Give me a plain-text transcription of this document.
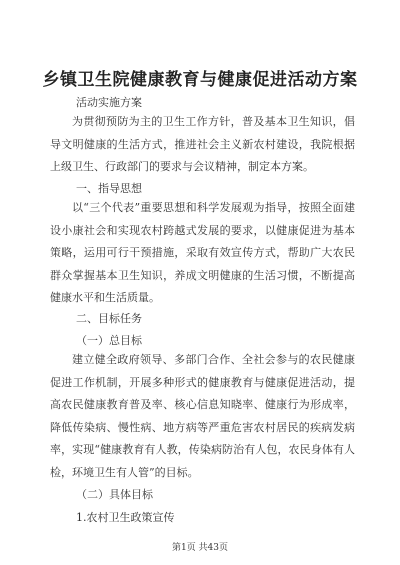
乡镇卫生院健康教育与健康促进活动方案
活动实施方案
为贯彻预防为主的卫生工作方针，普及基本卫生知识，倡导文明健康的生活方式，推进社会主义新农村建设，我院根据上级卫生、行政部门的要求与会议精神，制定本方案。
一、指导思想
以“三个代表”重要思想和科学发展观为指导，按照全面建设小康社会和实现农村跨越式发展的要求，以健康促进为基本策略，运用可行干预措施，采取有效宣传方式，帮助广大农民群众掌握基本卫生知识，养成文明健康的生活习惯，不断提高健康水平和生活质量。
二、目标任务
（一）总目标
建立健全政府领导、多部门合作、全社会参与的农民健康促进工作机制，开展多种形式的健康教育与健康促进活动，提高农民健康教育普及率、核心信息知晓率、健康行为形成率，降低传染病、慢性病、地方病等严重危害农村居民的疾病发病率，实现“健康教育有人教，传染病防治有人包，农民身体有人检，环境卫生有人管”的目标。
（二）具体目标
1.农村卫生政策宣传
第1页 共43页
